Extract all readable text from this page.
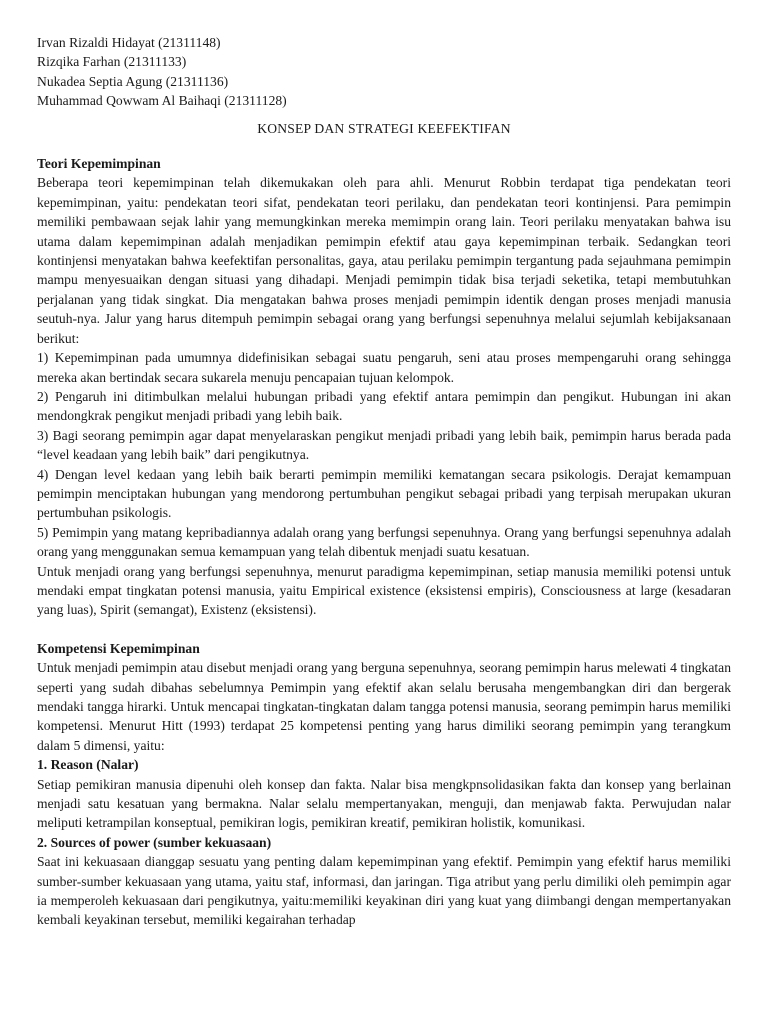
Irvan Rizaldi Hidayat (21311148)
Rizqika Farhan (21311133)
Nukadea Septia Agung (21311136)
Muhammad Qowwam Al Baihaqi (21311128)
KONSEP DAN STRATEGI KEEFEKTIFAN
Teori Kepemimpinan
Beberapa teori kepemimpinan telah dikemukakan oleh para ahli. Menurut Robbin terdapat tiga pendekatan teori kepemimpinan, yaitu: pendekatan teori sifat, pendekatan teori perilaku, dan pendekatan teori kontinjensi. Para pemimpin memiliki pembawaan sejak lahir yang memungkinkan mereka memimpin orang lain. Teori perilaku menyatakan bahwa isu utama dalam kepemimpinan adalah menjadikan pemimpin efektif atau gaya kepemimpinan terbaik. Sedangkan teori kontinjensi menyatakan bahwa keefektifan personalitas, gaya, atau perilaku pemimpin tergantung pada sejauhmana pemimpin mampu menyesuaikan dengan situasi yang dihadapi. Menjadi pemimpin tidak bisa terjadi seketika, tetapi membutuhkan perjalanan yang tidak singkat. Dia mengatakan bahwa proses menjadi pemimpin identik dengan proses menjadi manusia seutuh-nya. Jalur yang harus ditempuh pemimpin sebagai orang yang berfungsi sepenuhnya melalui sejumlah kebijaksanaan berikut:
1) Kepemimpinan pada umumnya didefinisikan sebagai suatu pengaruh, seni atau proses mempengaruhi orang sehingga mereka akan bertindak secara sukarela menuju pencapaian tujuan kelompok.
2) Pengaruh ini ditimbulkan melalui hubungan pribadi yang efektif antara pemimpin dan pengikut. Hubungan ini akan mendongkrak pengikut menjadi pribadi yang lebih baik.
3) Bagi seorang pemimpin agar dapat menyelaraskan pengikut menjadi pribadi yang lebih baik, pemimpin harus berada pada “level keadaan yang lebih baik” dari pengikutnya.
4) Dengan level kedaan yang lebih baik berarti pemimpin memiliki kematangan secara psikologis. Derajat kemampuan pemimpin menciptakan hubungan yang mendorong pertumbuhan pengikut sebagai pribadi yang terpisah merupakan ukuran pertumbuhan psikologis.
5) Pemimpin yang matang kepribadiannya adalah orang yang berfungsi sepenuhnya. Orang yang berfungsi sepenuhnya adalah orang yang menggunakan semua kemampuan yang telah dibentuk menjadi suatu kesatuan.
Untuk menjadi orang yang berfungsi sepenuhnya, menurut paradigma kepemimpinan, setiap manusia memiliki potensi untuk mendaki empat tingkatan potensi manusia, yaitu Empirical existence (eksistensi empiris), Consciousness at large (kesadaran yang luas), Spirit (semangat), Existenz (eksistensi).
Kompetensi Kepemimpinan
Untuk menjadi pemimpin atau disebut menjadi orang yang berguna sepenuhnya, seorang pemimpin harus melewati 4 tingkatan seperti yang sudah dibahas sebelumnya Pemimpin yang efektif akan selalu berusaha mengembangkan diri dan bergerak mendaki tangga hirarki. Untuk mencapai tingkatan-tingkatan dalam tangga potensi manusia, seorang pemimpin harus memiliki kompetensi. Menurut Hitt (1993) terdapat 25 kompetensi penting yang harus dimiliki seorang pemimpin yang terangkum dalam 5 dimensi, yaitu:
1. Reason (Nalar)
Setiap pemikiran manusia dipenuhi oleh konsep dan fakta. Nalar bisa mengkpnsolidasikan fakta dan konsep yang berlainan menjadi satu kesatuan yang bermakna. Nalar selalu mempertanyakan, menguji, dan menjawab fakta. Perwujudan nalar meliputi ketrampilan konseptual, pemikiran logis, pemikiran kreatif, pemikiran holistik, komunikasi.
2. Sources of power (sumber kekuasaan)
Saat ini kekuasaan dianggap sesuatu yang penting dalam kepemimpinan yang efektif. Pemimpin yang efektif harus memiliki sumber-sumber kekuasaan yang utama, yaitu staf, informasi, dan jaringan. Tiga atribut yang perlu dimiliki oleh pemimpin agar ia memperoleh kekuasaan dari pengikutnya, yaitu:memiliki keyakinan diri yang kuat yang diimbangi dengan mempertanyakan kembali keyakinan tersebut, memiliki kegairahan terhadap
